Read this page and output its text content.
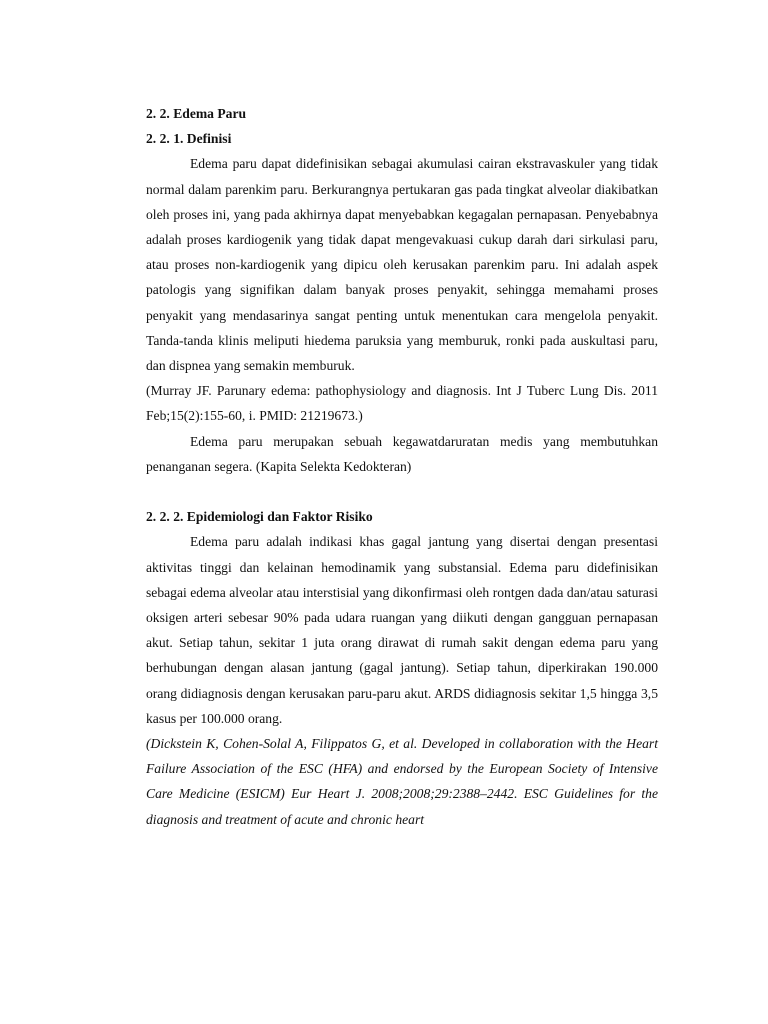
2. 2. Edema Paru

2. 2. 1. Definisi

Edema paru dapat didefinisikan sebagai akumulasi cairan ekstravaskuler yang tidak normal dalam parenkim paru. Berkurangnya pertukaran gas pada tingkat alveolar diakibatkan oleh proses ini, yang pada akhirnya dapat menyebabkan kegagalan pernapasan. Penyebabnya adalah proses kardiogenik yang tidak dapat mengevakuasi cukup darah dari sirkulasi paru, atau proses non-kardiogenik yang dipicu oleh kerusakan parenkim paru. Ini adalah aspek patologis yang signifikan dalam banyak proses penyakit, sehingga memahami proses penyakit yang mendasarinya sangat penting untuk menentukan cara mengelola penyakit. Tanda-tanda klinis meliputi hiedema paruksia yang memburuk, ronki pada auskultasi paru, dan dispnea yang semakin memburuk.

(Murray JF. Parunary edema: pathophysiology and diagnosis. Int J Tuberc Lung Dis. 2011 Feb;15(2):155-60, i. PMID: 21219673.)

Edema paru merupakan sebuah kegawatdaruratan medis yang membutuhkan penanganan segera. (Kapita Selekta Kedokteran)

2. 2. 2. Epidemiologi dan Faktor Risiko

Edema paru adalah indikasi khas gagal jantung yang disertai dengan presentasi aktivitas tinggi dan kelainan hemodinamik yang substansial. Edema paru didefinisikan sebagai edema alveolar atau interstisial yang dikonfirmasi oleh rontgen dada dan/atau saturasi oksigen arteri sebesar 90% pada udara ruangan yang diikuti dengan gangguan pernapasan akut. Setiap tahun, sekitar 1 juta orang dirawat di rumah sakit dengan edema paru yang berhubungan dengan alasan jantung (gagal jantung). Setiap tahun, diperkirakan 190.000 orang didiagnosis dengan kerusakan paru-paru akut. ARDS didiagnosis sekitar 1,5 hingga 3,5 kasus per 100.000 orang.

(Dickstein K, Cohen-Solal A, Filippatos G, et al. Developed in collaboration with the Heart Failure Association of the ESC (HFA) and endorsed by the European Society of Intensive Care Medicine (ESICM) Eur Heart J. 2008;2008;29:2388–2442. ESC Guidelines for the diagnosis and treatment of acute and chronic heart
